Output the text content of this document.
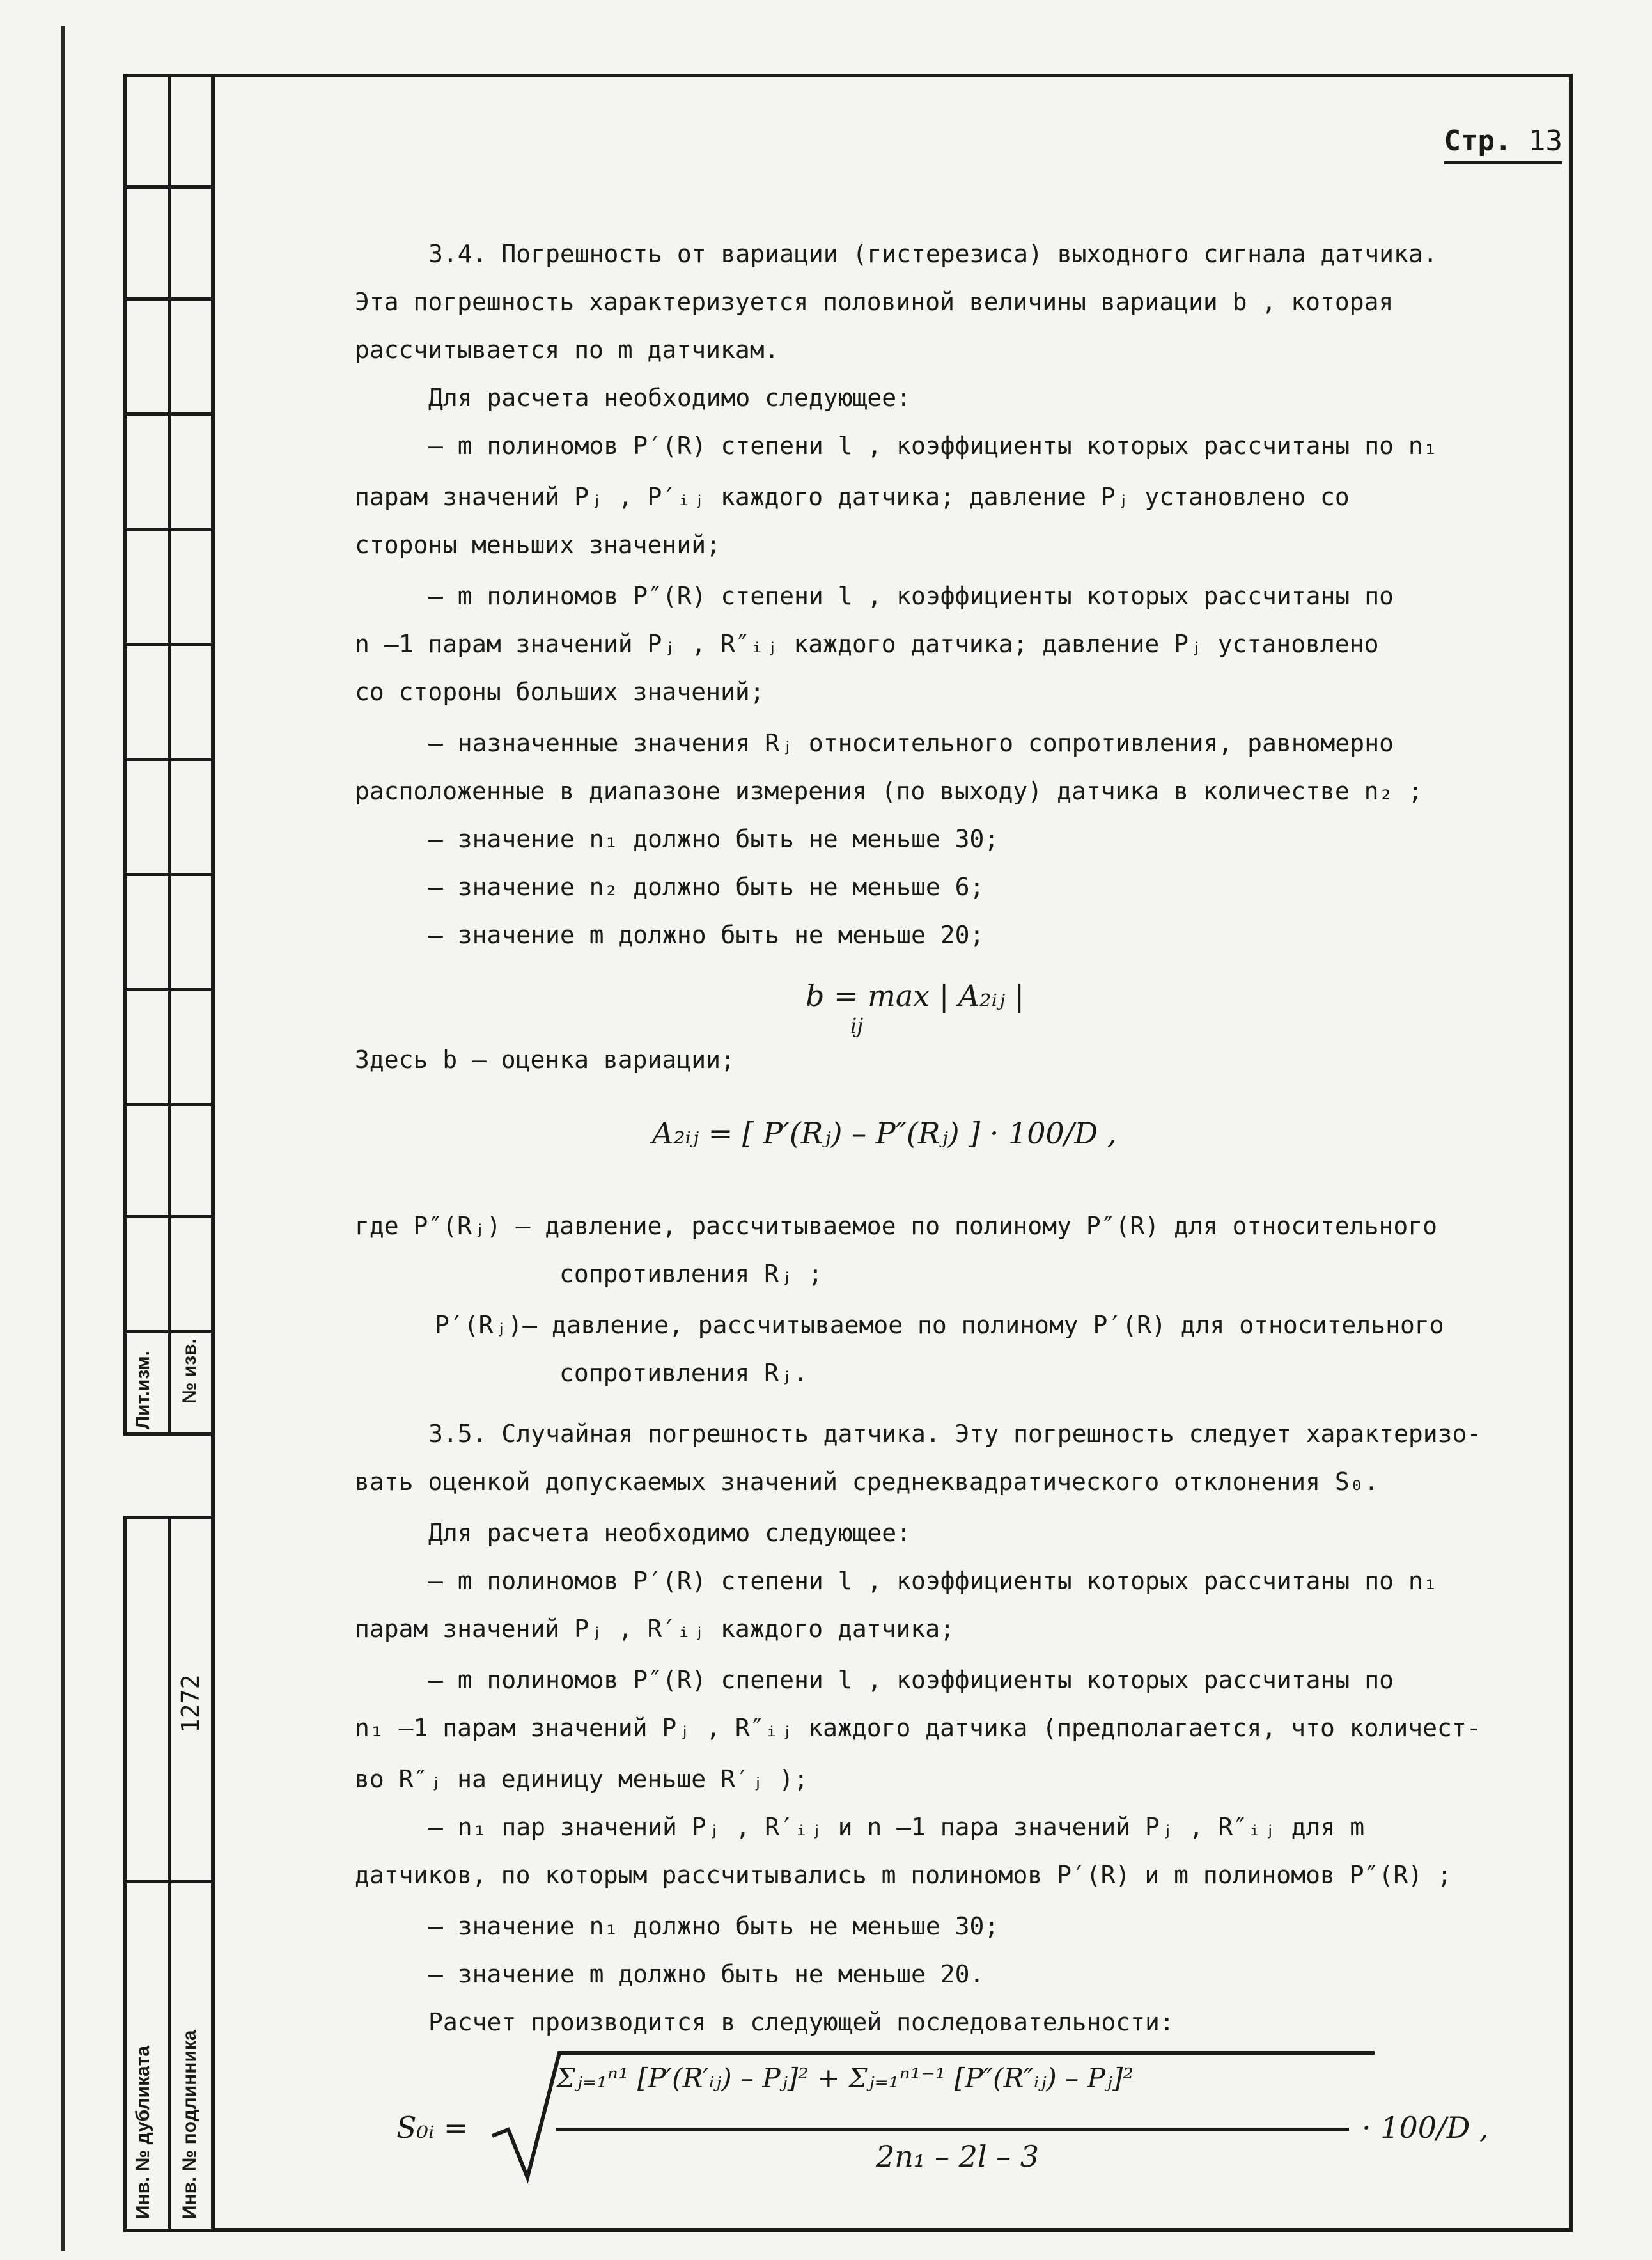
Лит.изм. № изв.
Инв. № дубликата Инв. № подлинника
1272
Стр. 13
3.4. Погрешность от вариации (гистерезиса) выходного сигнала датчика.
Эта погрешность характеризуется половиной величины вариации b , которая
рассчитывается по m датчикам.
Для расчета необходимо следующее:
– m полиномов P′(R) степени l , коэффициенты которых рассчитаны по n₁
парам значений Pⱼ , P′ᵢⱼ каждого датчика; давление Pⱼ установлено со
стороны меньших значений;
– m полиномов P″(R) степени l , коэффициенты которых рассчитаны по
n –1 парам значений Pⱼ , R″ᵢⱼ каждого датчика; давление Pⱼ установлено
со стороны больших значений;
– назначенные значения Rⱼ относительного сопротивления, равномерно
расположенные в диапазоне измерения (по выходу) датчика в количестве n₂ ;
– значение n₁ должно быть не меньше 30;
– значение n₂ должно быть не меньше 6;
– значение m должно быть не меньше 20;
b = max | A₂ᵢⱼ |
ij
Здесь b – оценка вариации;
A₂ᵢⱼ = [ P′(Rⱼ) – P″(Rⱼ) ] · 100/D ,
где P″(Rⱼ) – давление, рассчитываемое по полиному P″(R) для относительного
сопротивления Rⱼ ;
P′(Rⱼ)– давление, рассчитываемое по полиному P′(R) для относительного
сопротивления Rⱼ.
3.5. Случайная погрешность датчика. Эту погрешность следует характеризо-
вать оценкой допускаемых значений среднеквадратического отклонения S₀.
Для расчета необходимо следующее:
– m полиномов P′(R) степени l , коэффициенты которых рассчитаны по n₁
парам значений Pⱼ , R′ᵢⱼ каждого датчика;
– m полиномов P″(R) спепени l , коэффициенты которых рассчитаны по
n₁ –1 парам значений Pⱼ , R″ᵢⱼ каждого датчика (предполагается, что количест-
во R″ⱼ на единицу меньше R′ⱼ );
– n₁ пар значений Pⱼ , R′ᵢⱼ и n –1 пара значений Pⱼ , R″ᵢⱼ для m
датчиков, по которым рассчитывались m полиномов P′(R) и m полиномов P″(R) ;
– значение n₁ должно быть не меньше 30;
– значение m должно быть не меньше 20.
Расчет производится в следующей последовательности:
S₀ᵢ =
Σⱼ₌₁ⁿ¹ [P′(R′ᵢⱼ) – Pⱼ]² + Σⱼ₌₁ⁿ¹⁻¹ [P″(R″ᵢⱼ) – Pⱼ]²
2n₁ – 2l – 3
· 100/D ,
